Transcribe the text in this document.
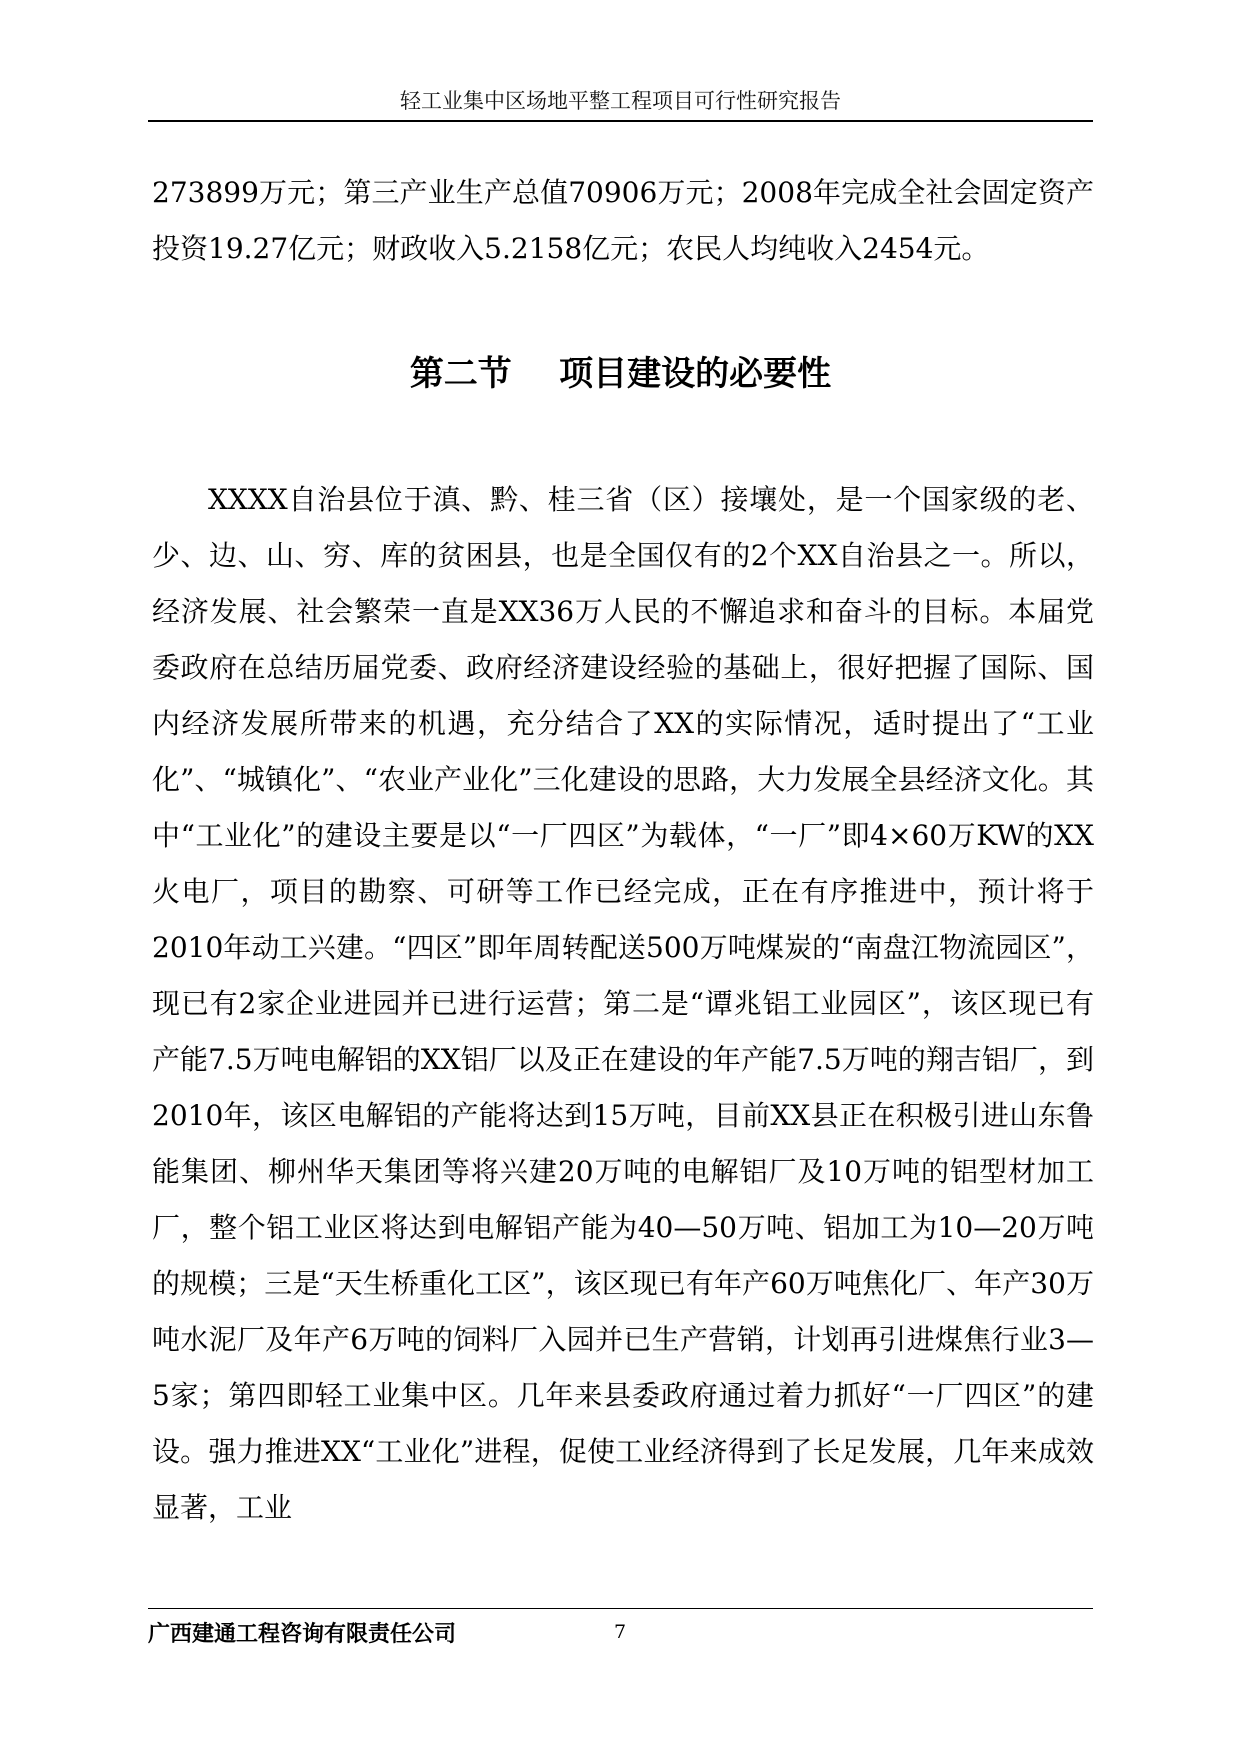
轻工业集中区场地平整工程项目可行性研究报告

273899万元；第三产业生产总值70906万元；2008年完成全社会固定资产投资19.27亿元；财政收入5.2158亿元；农民人均纯收入2454元。

第二节    项目建设的必要性

XXXX自治县位于滇、黔、桂三省（区）接壤处，是一个国家级的老、少、边、山、穷、库的贫困县，也是全国仅有的2个XX自治县之一。所以，经济发展、社会繁荣一直是XX36万人民的不懈追求和奋斗的目标。本届党委政府在总结历届党委、政府经济建设经验的基础上，很好把握了国际、国内经济发展所带来的机遇，充分结合了XX的实际情况，适时提出了“工业化”、“城镇化”、“农业产业化”三化建设的思路，大力发展全县经济文化。其中“工业化”的建设主要是以“一厂四区”为载体，“一厂”即4×60万KW的XX火电厂，项目的勘察、可研等工作已经完成，正在有序推进中，预计将于2010年动工兴建。“四区”即年周转配送500万吨煤炭的“南盘江物流园区”，现已有2家企业进园并已进行运营；第二是“谭兆铝工业园区”，该区现已有产能7.5万吨电解铝的XX铝厂以及正在建设的年产能7.5万吨的翔吉铝厂，到2010年，该区电解铝的产能将达到15万吨，目前XX县正在积极引进山东鲁能集团、柳州华天集团等将兴建20万吨的电解铝厂及10万吨的铝型材加工厂，整个铝工业区将达到电解铝产能为40—50万吨、铝加工为10—20万吨的规模；三是“天生桥重化工区”，该区现已有年产60万吨焦化厂、年产30万吨水泥厂及年产6万吨的饲料厂入园并已生产营销，计划再引进煤焦行业3—5家；第四即轻工业集中区。几年来县委政府通过着力抓好“一厂四区”的建设。强力推进XX“工业化”进程，促使工业经济得到了长足发展，几年来成效显著，工业

广西建通工程咨询有限责任公司	7
